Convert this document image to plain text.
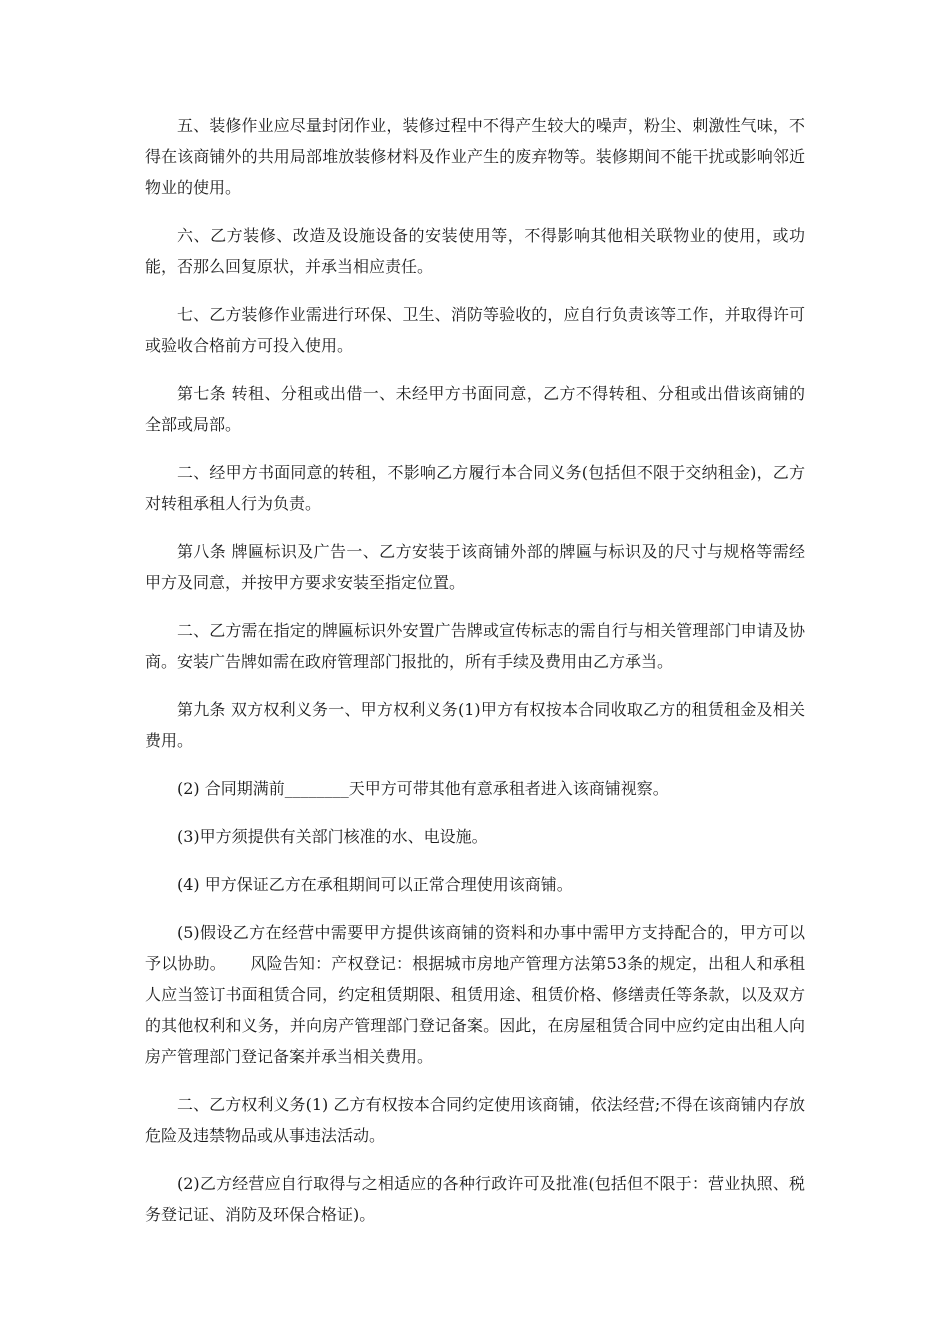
五、装修作业应尽量封闭作业，装修过程中不得产生较大的噪声，粉尘、刺激性气味，不得在该商铺外的共用局部堆放装修材料及作业产生的废弃物等。装修期间不能干扰或影响邻近物业的使用。

六、乙方装修、改造及设施设备的安装使用等，不得影响其他相关联物业的使用，或功能，否那么回复原状，并承当相应责任。

七、乙方装修作业需进行环保、卫生、消防等验收的，应自行负责该等工作，并取得许可或验收合格前方可投入使用。

第七条 转租、分租或出借一、未经甲方书面同意，乙方不得转租、分租或出借该商铺的全部或局部。

二、经甲方书面同意的转租，不影响乙方履行本合同义务(包括但不限于交纳租金)，乙方对转租承租人行为负责。

第八条 牌匾标识及广告一、乙方安装于该商铺外部的牌匾与标识及的尺寸与规格等需经甲方及同意，并按甲方要求安装至指定位置。

二、乙方需在指定的牌匾标识外安置广告牌或宣传标志的需自行与相关管理部门申请及协商。安装广告牌如需在政府管理部门报批的，所有手续及费用由乙方承当。

第九条 双方权利义务一、甲方权利义务(1)甲方有权按本合同收取乙方的租赁租金及相关费用。

(2) 合同期满前________天甲方可带其他有意承租者进入该商铺视察。

(3)甲方须提供有关部门核准的水、电设施。

(4) 甲方保证乙方在承租期间可以正常合理使用该商铺。

(5)假设乙方在经营中需要甲方提供该商铺的资料和办事中需甲方支持配合的，甲方可以予以协助。　　风险告知：产权登记：根据城市房地产管理方法第53条的规定，出租人和承租人应当签订书面租赁合同，约定租赁期限、租赁用途、租赁价格、修缮责任等条款，以及双方的其他权利和义务，并向房产管理部门登记备案。因此，在房屋租赁合同中应约定由出租人向房产管理部门登记备案并承当相关费用。

二、乙方权利义务(1) 乙方有权按本合同约定使用该商铺，依法经营;不得在该商铺内存放危险及违禁物品或从事违法活动。

(2)乙方经营应自行取得与之相适应的各种行政许可及批准(包括但不限于：营业执照、税务登记证、消防及环保合格证)。
